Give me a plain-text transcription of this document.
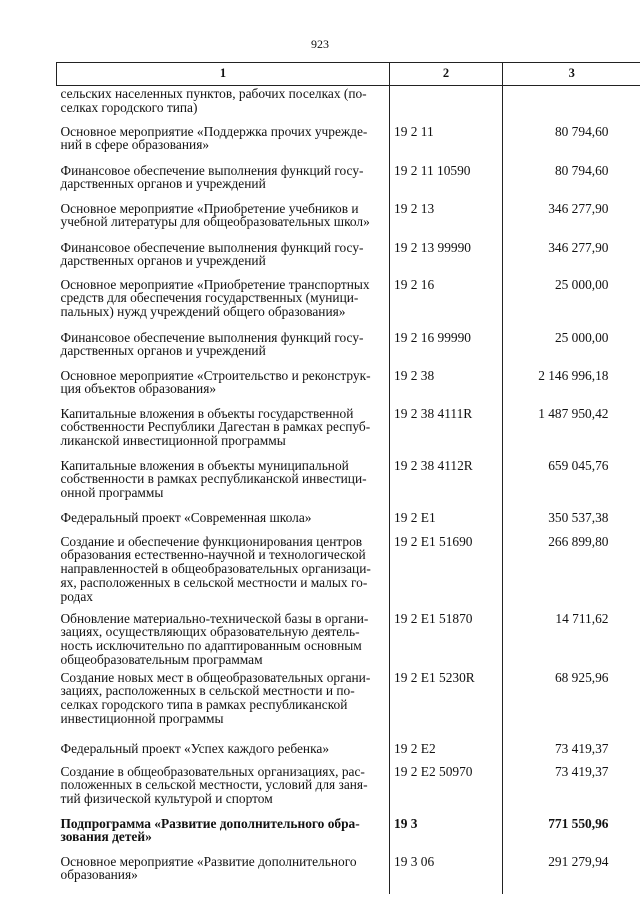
923
1	2	3
сельских населенных пунктов, рабочих поселках (по-селках городского типа)		
Основное мероприятие «Поддержка прочих учрежде-ний в сфере образования»	19 2 11	80 794,60
Финансовое обеспечение выполнения функций госу-дарственных органов и учреждений	19 2 11 10590	80 794,60
Основное мероприятие «Приобретение учебников и учебной литературы для общеобразовательных школ»	19 2 13	346 277,90
Финансовое обеспечение выполнения функций госу-дарственных органов и учреждений	19 2 13 99990	346 277,90
Основное мероприятие «Приобретение транспортных средств для обеспечения государственных (муници-пальных) нужд учреждений общего образования»	19 2 16	25 000,00
Финансовое обеспечение выполнения функций госу-дарственных органов и учреждений	19 2 16 99990	25 000,00
Основное мероприятие «Строительство и реконструк-ция объектов образования»	19 2 38	2 146 996,18
Капитальные вложения в объекты государственной собственности Республики Дагестан в рамках респуб-ликанской инвестиционной программы	19 2 38 4111R	1 487 950,42
Капитальные вложения в объекты муниципальной собственности в рамках республиканской инвестици-онной программы	19 2 38 4112R	659 045,76
Федеральный проект «Современная школа»	19 2 E1	350 537,38
Создание и обеспечение функционирования центров образования естественно-научной и технологической направленностей в общеобразовательных организаци-ях, расположенных в сельской местности и малых го-родах	19 2 E1 51690	266 899,80
Обновление материально-технической базы в органи-зациях, осуществляющих образовательную деятель-ность исключительно по адаптированным основным общеобразовательным программам	19 2 E1 51870	14 711,62
Создание новых мест в общеобразовательных органи-зациях, расположенных в сельской местности и по-селках городского типа в рамках республиканской инвестиционной программы	19 2 E1 5230R	68 925,96
Федеральный проект «Успех каждого ребенка»	19 2 E2	73 419,37
Создание в общеобразовательных организациях, рас-положенных в сельской местности, условий для заня-тий физической культурой и спортом	19 2 E2 50970	73 419,37
Подпрограмма «Развитие дополнительного обра-зования детей»	19 3	771 550,96
Основное мероприятие «Развитие дополнительного образования»	19 3 06	291 279,94
